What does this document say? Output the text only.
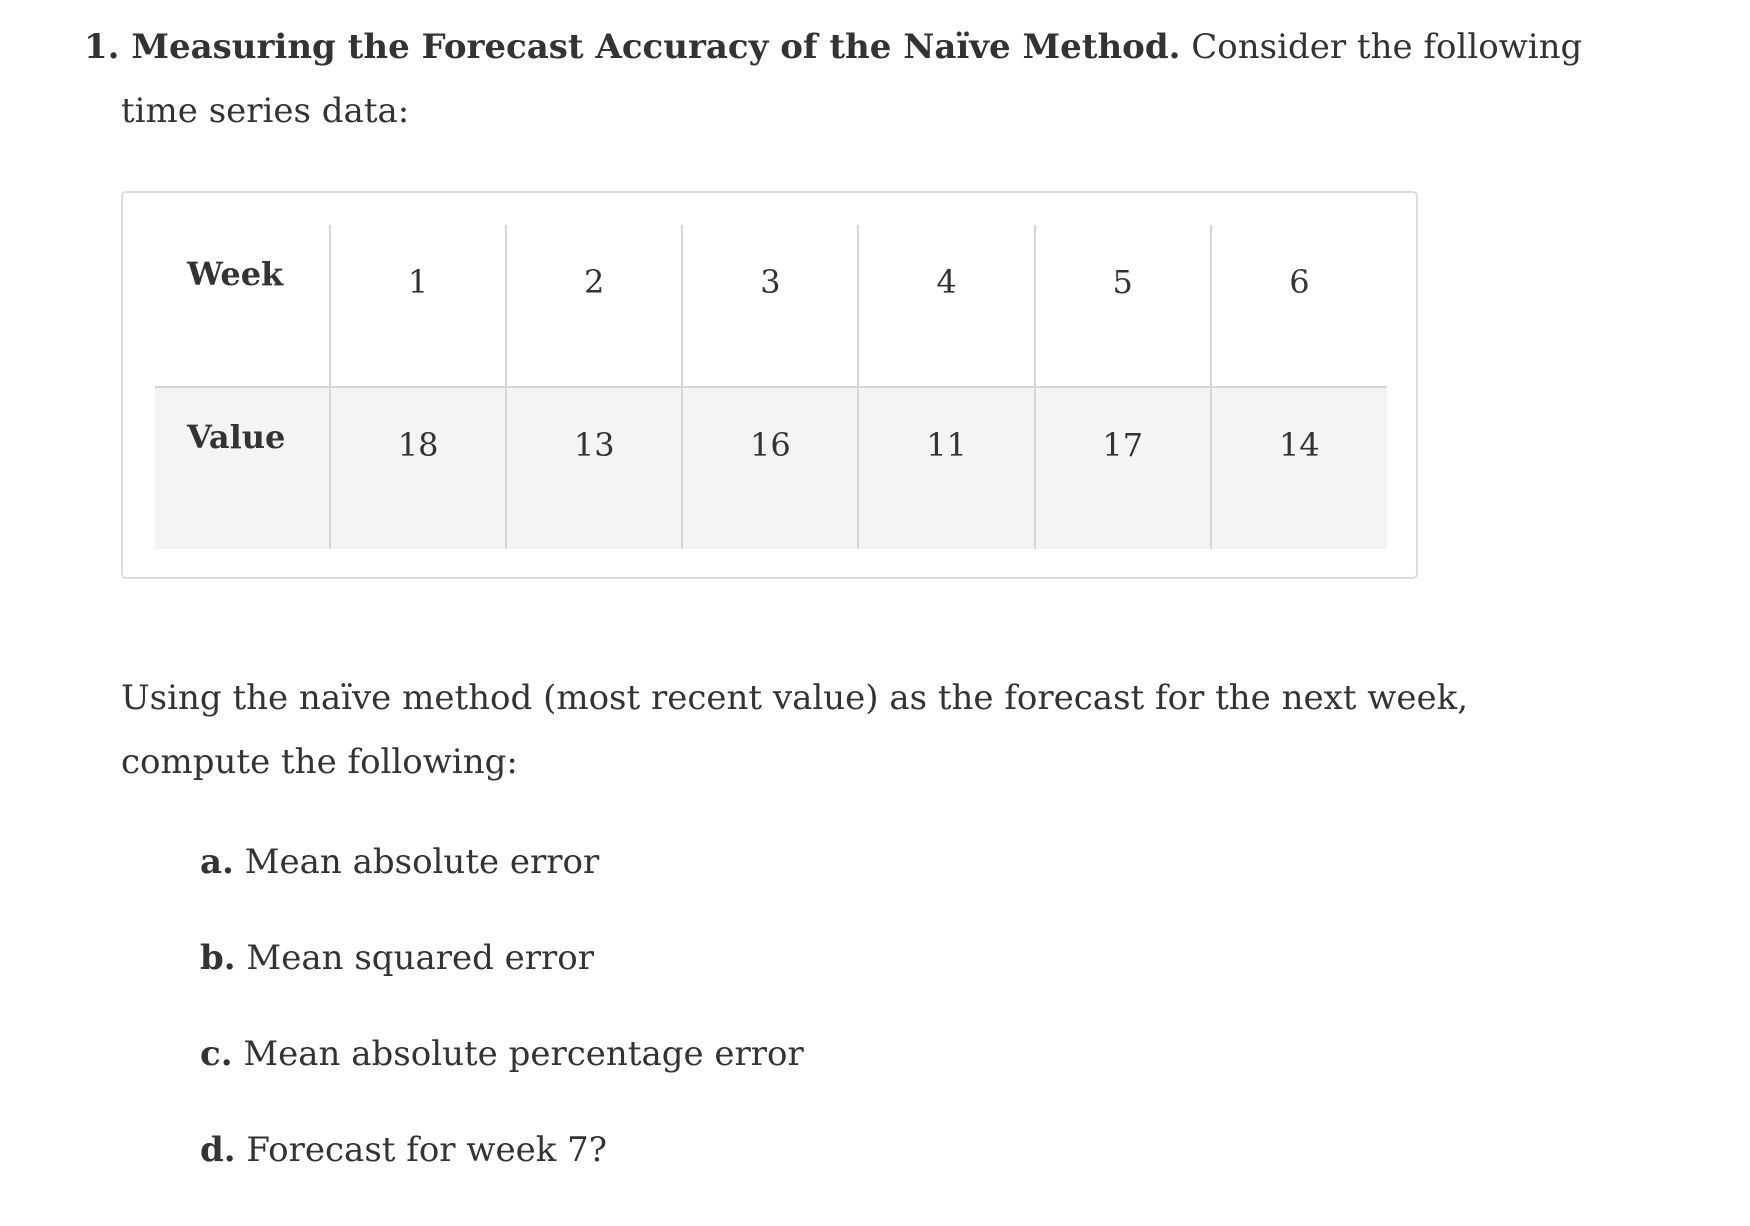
1. Measuring the Forecast Accuracy of the Naïve Method. Consider the following
time series data:
Week	1	2	3	4	5	6

Value	18	13	16	11	17	14
Using the naïve method (most recent value) as the forecast for the next week,
compute the following:
a. Mean absolute error
b. Mean squared error
c. Mean absolute percentage error
d. Forecast for week 7?
